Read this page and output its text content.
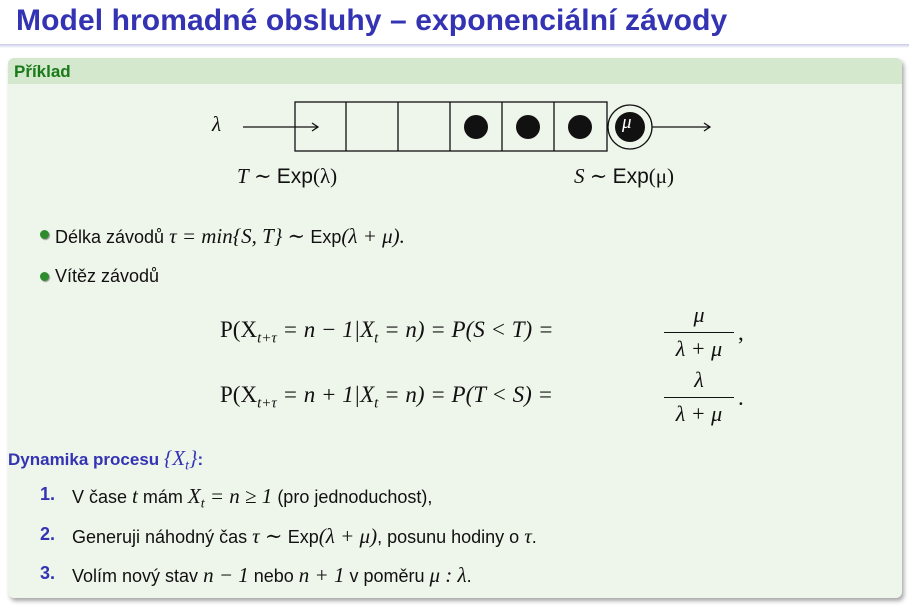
Model hromadné obsluhy – exponenciální závody
Příklad
λ	μ
T ∼ Exp(λ)	S ∼ Exp(μ)
Délka závodů τ = min{S, T} ∼ Exp(λ + μ).
Vítěz závodů
$P(X_{t+\tau} = n - 1|X_t = n) = P(S < T)$ =
μ
λ + μ
,
$P(X_{t+\tau} = n + 1|X_t = n) = P(T < S)$ =
λ
λ + μ
.
Dynamika procesu $\{X_t\}$:
1. V čase t mám $X_t = n \ge 1$ (pro jednoduchost),
2. Generuji náhodný čas τ ∼ Exp(λ + μ), posunu hodiny o τ.
3. Volím nový stav n − 1 nebo n + 1 v poměru μ : λ.
